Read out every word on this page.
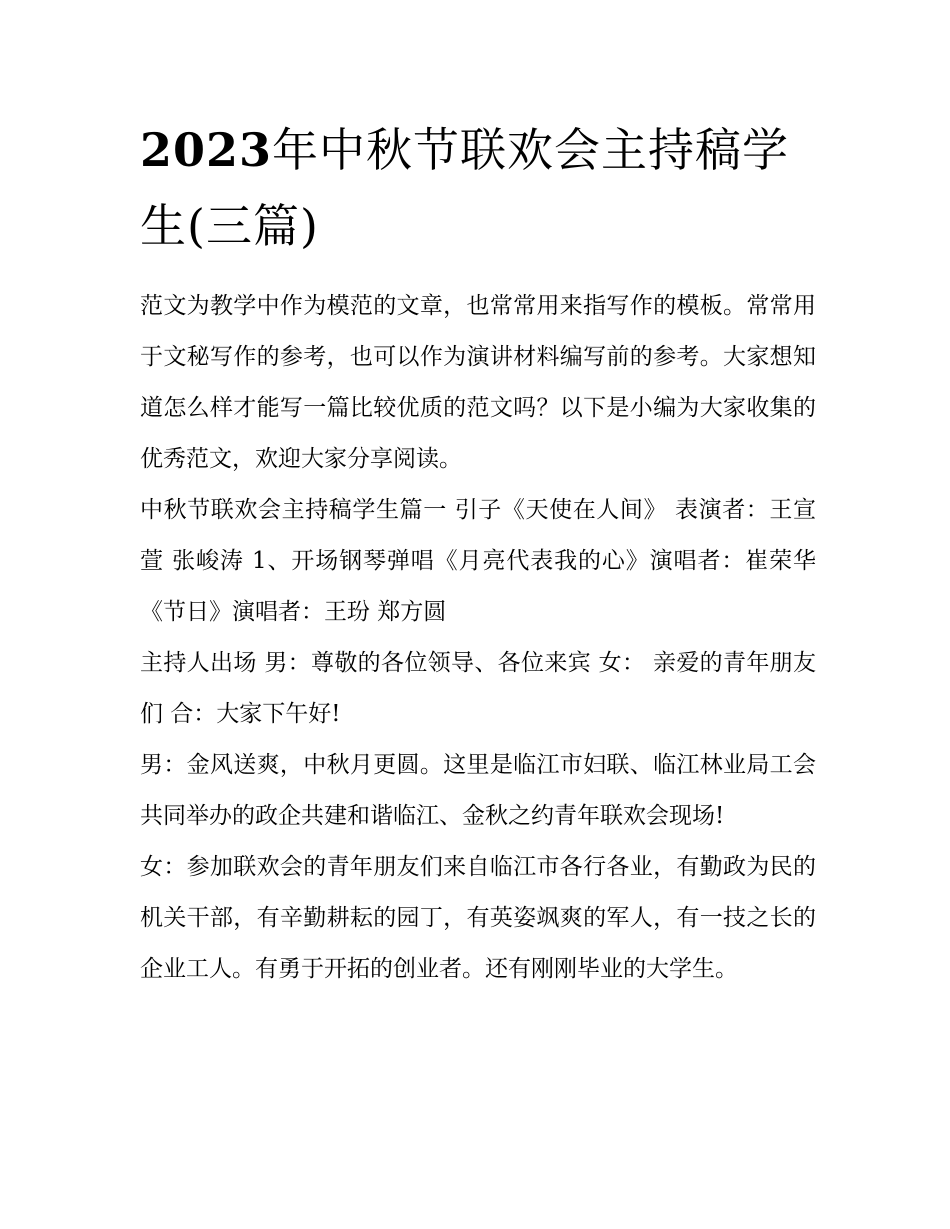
2023年中秋节联欢会主持稿学生(三篇)

范文为教学中作为模范的文章，也常常用来指写作的模板。常常用于文秘写作的参考，也可以作为演讲材料编写前的参考。大家想知道怎么样才能写一篇比较优质的范文吗？以下是小编为大家收集的优秀范文，欢迎大家分享阅读。

中秋节联欢会主持稿学生篇一 引子《天使在人间》 表演者：王宣萱 张峻涛 1、开场钢琴弹唱《月亮代表我的心》演唱者：崔荣华 《节日》演唱者：王玢 郑方圆

主持人出场 男：尊敬的各位领导、各位来宾 女： 亲爱的青年朋友们 合：大家下午好!

男：金风送爽，中秋月更圆。这里是临江市妇联、临江林业局工会共同举办的政企共建和谐临江、金秋之约青年联欢会现场!

女：参加联欢会的青年朋友们来自临江市各行各业，有勤政为民的机关干部，有辛勤耕耘的园丁，有英姿飒爽的军人，有一技之长的企业工人。有勇于开拓的创业者。还有刚刚毕业的大学生。
